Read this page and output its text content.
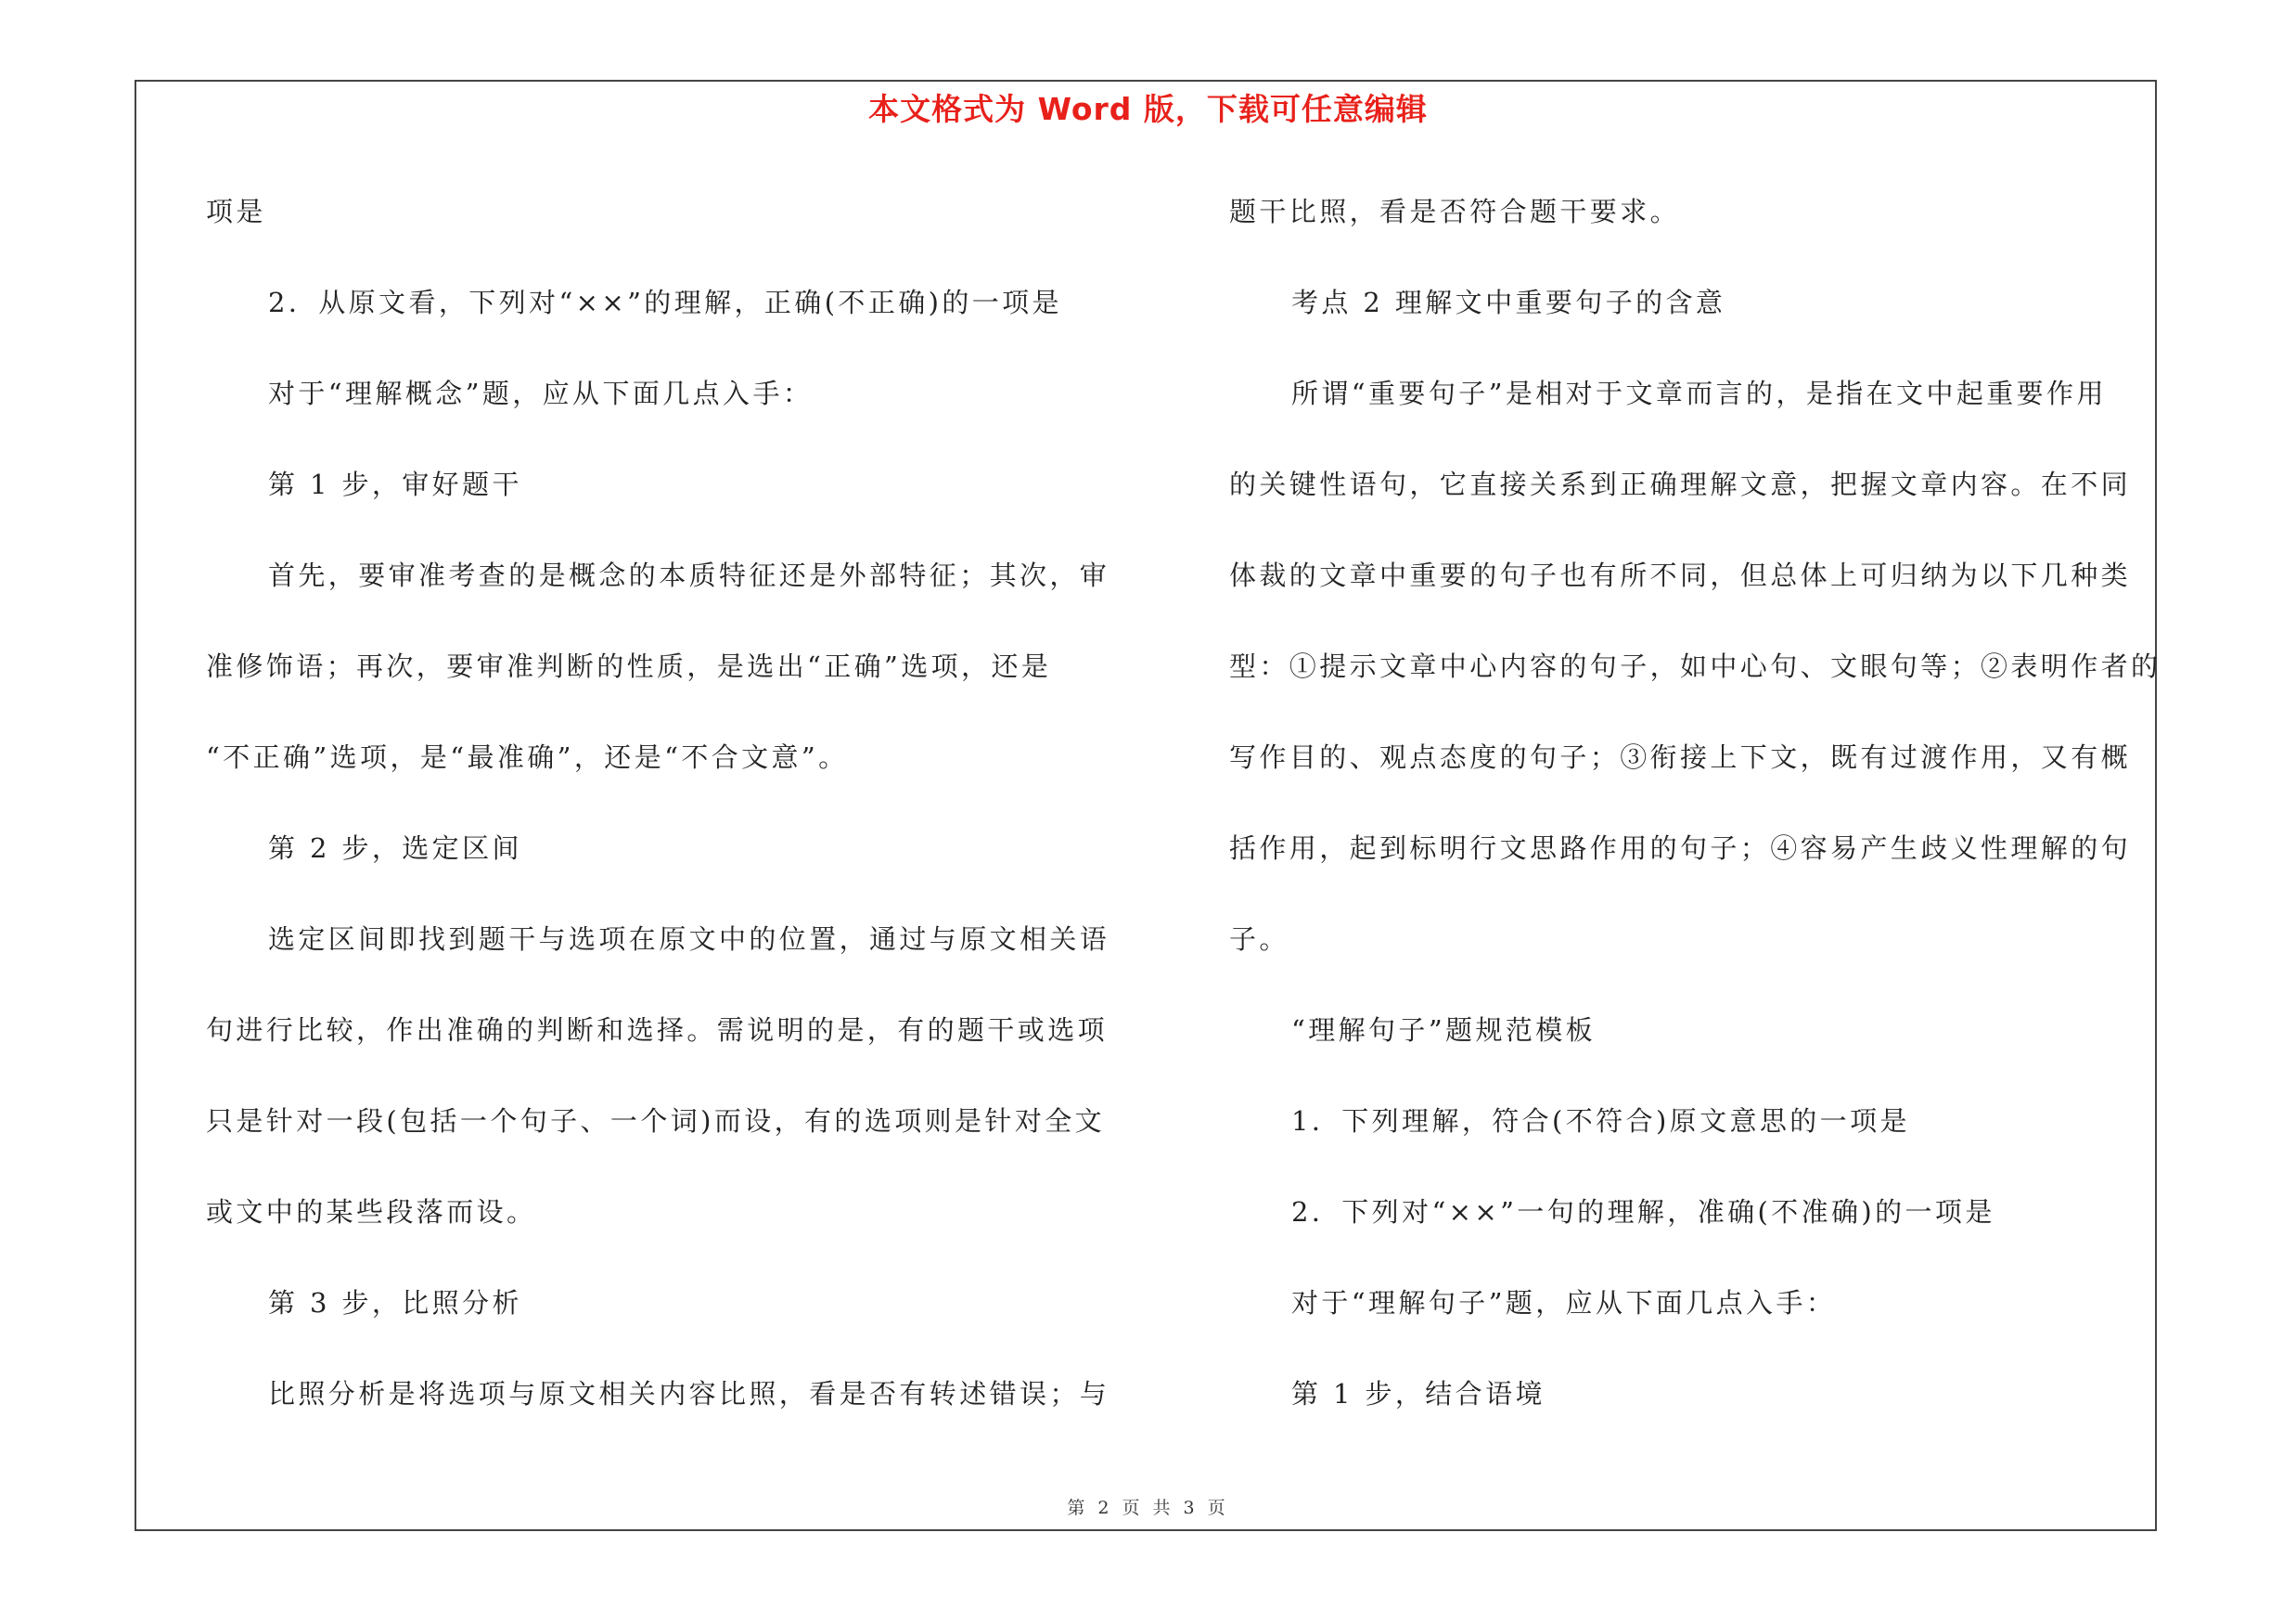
本文格式为 Word 版，下载可任意编辑
项是
2．从原文看，下列对“××”的理解，正确(不正确)的一项是
对于“理解概念”题，应从下面几点入手：
第 1 步，审好题干
首先，要审准考查的是概念的本质特征还是外部特征；其次，审
准修饰语；再次，要审准判断的性质，是选出“正确”选项，还是
“不正确”选项，是“最准确”，还是“不合文意”。
第 2 步，选定区间
选定区间即找到题干与选项在原文中的位置，通过与原文相关语
句进行比较，作出准确的判断和选择。需说明的是，有的题干或选项
只是针对一段(包括一个句子、一个词)而设，有的选项则是针对全文
或文中的某些段落而设。
第 3 步，比照分析
比照分析是将选项与原文相关内容比照，看是否有转述错误；与
题干比照，看是否符合题干要求。
考点 2 理解文中重要句子的含意
所谓“重要句子”是相对于文章而言的，是指在文中起重要作用
的关键性语句，它直接关系到正确理解文意，把握文章内容。在不同
体裁的文章中重要的句子也有所不同，但总体上可归纳为以下几种类
型：①提示文章中心内容的句子，如中心句、文眼句等；②表明作者的
写作目的、观点态度的句子；③衔接上下文，既有过渡作用，又有概
括作用，起到标明行文思路作用的句子；④容易产生歧义性理解的句
子。
“理解句子”题规范模板
1．下列理解，符合(不符合)原文意思的一项是
2．下列对“××”一句的理解，准确(不准确)的一项是
对于“理解句子”题，应从下面几点入手：
第 1 步，结合语境
第 2 页 共 3 页
